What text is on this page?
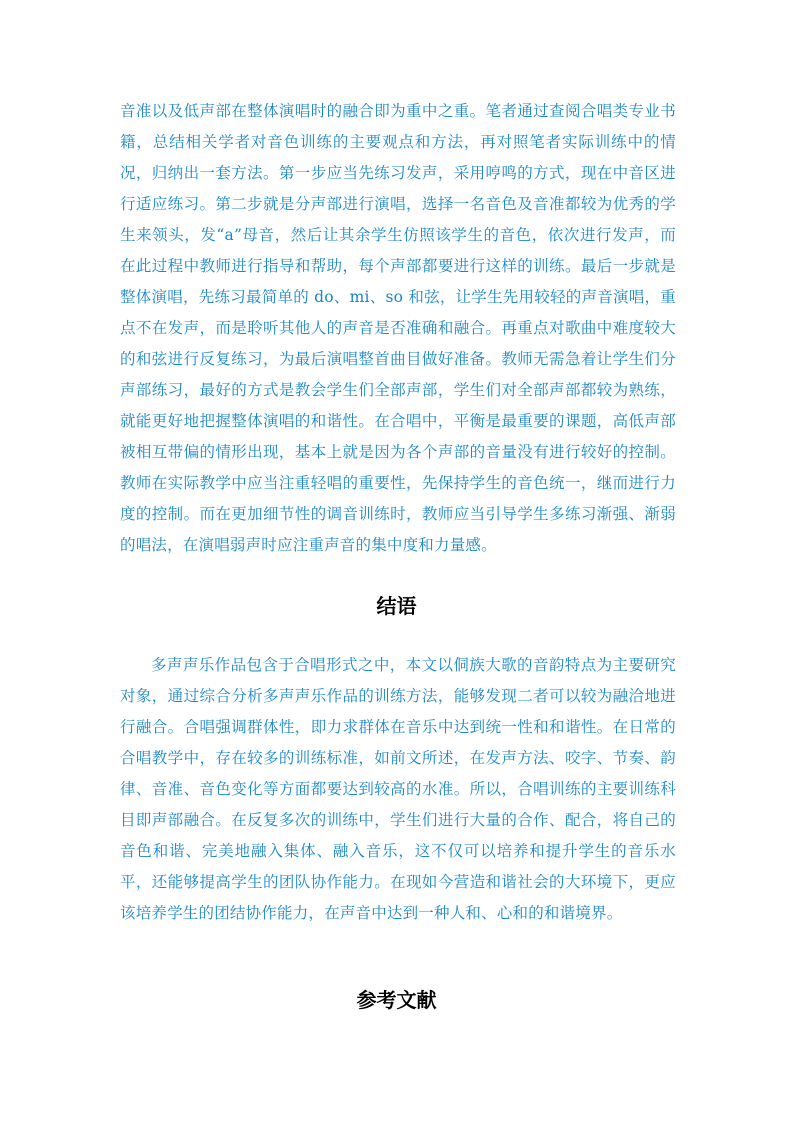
音准以及低声部在整体演唱时的融合即为重中之重。笔者通过查阅合唱类专业书籍，总结相关学者对音色训练的主要观点和方法，再对照笔者实际训练中的情况，归纳出一套方法。第一步应当先练习发声，采用哼鸣的方式，现在中音区进行适应练习。第二步就是分声部进行演唱，选择一名音色及音准都较为优秀的学生来领头，发“a”母音，然后让其余学生仿照该学生的音色，依次进行发声，而在此过程中教师进行指导和帮助，每个声部都要进行这样的训练。最后一步就是整体演唱，先练习最简单的 do、mi、so 和弦，让学生先用较轻的声音演唱，重点不在发声，而是聆听其他人的声音是否准确和融合。再重点对歌曲中难度较大的和弦进行反复练习，为最后演唱整首曲目做好准备。教师无需急着让学生们分声部练习，最好的方式是教会学生们全部声部，学生们对全部声部都较为熟练，就能更好地把握整体演唱的和谐性。在合唱中，平衡是最重要的课题，高低声部被相互带偏的情形出现，基本上就是因为各个声部的音量没有进行较好的控制。教师在实际教学中应当注重轻唱的重要性，先保持学生的音色统一，继而进行力度的控制。而在更加细节性的调音训练时，教师应当引导学生多练习渐强、渐弱的唱法，在演唱弱声时应注重声音的集中度和力量感。

结语

多声声乐作品包含于合唱形式之中，本文以侗族大歌的音韵特点为主要研究对象，通过综合分析多声声乐作品的训练方法，能够发现二者可以较为融洽地进行融合。合唱强调群体性，即力求群体在音乐中达到统一性和和谐性。在日常的合唱教学中，存在较多的训练标准，如前文所述，在发声方法、咬字、节奏、韵律、音准、音色变化等方面都要达到较高的水准。所以，合唱训练的主要训练科目即声部融合。在反复多次的训练中，学生们进行大量的合作、配合，将自己的音色和谐、完美地融入集体、融入音乐，这不仅可以培养和提升学生的音乐水平，还能够提高学生的团队协作能力。在现如今营造和谐社会的大环境下，更应该培养学生的团结协作能力，在声音中达到一种人和、心和的和谐境界。

参考文献
